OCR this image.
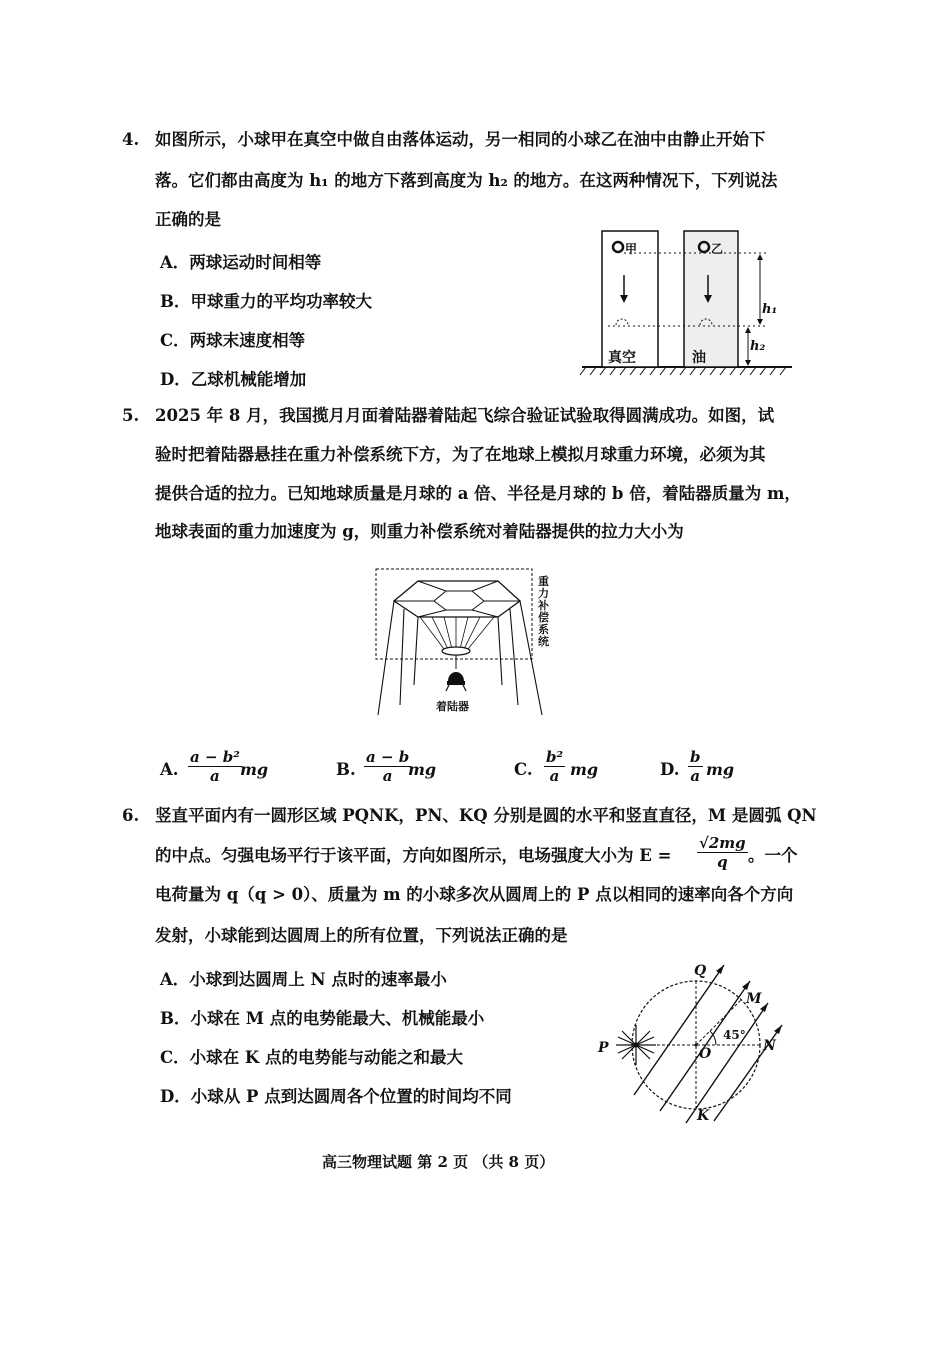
4. 如图所示，小球甲在真空中做自由落体运动，另一相同的小球乙在油中由静止开始下
落。它们都由高度为 h₁ 的地方下落到高度为 h₂ 的地方。在这两种情况下，下列说法
正确的是
A．两球运动时间相等
B．甲球重力的平均功率较大
C．两球末速度相等
D．乙球机械能增加
甲	乙
真空	油
h₁
h₂
5. 2025 年 8 月，我国揽月月面着陆器着陆起飞综合验证试验取得圆满成功。如图，试
验时把着陆器悬挂在重力补偿系统下方，为了在地球上模拟月球重力环境，必须为其
提供合适的拉力。已知地球质量是月球的 a 倍、半径是月球的 b 倍，着陆器质量为 m，
地球表面的重力加速度为 g，则重力补偿系统对着陆器提供的拉力大小为
重力补偿系统
着陆器
A. $\frac{\text{a − b²}}{a}$
mg	B. $\frac{a - b}{a}$
mg	C. $\frac{\text{b²}}{a}$ mg	D. $\frac{b}{a}$ mg
6. 竖直平面内有一圆形区域 PQNK，PN、KQ 分别是圆的水平和竖直直径，M 是圆弧 QN
的中点。匀强电场平行于该平面，方向如图所示，电场强度大小为 $E = \frac{√2mg}{q}$ 。一个
电荷量为 q（q > 0）、质量为 m 的小球多次从圆周上的 P 点以相同的速率向各个方向
发射，小球能到达圆周上的所有位置，下列说法正确的是
A．小球到达圆周上 N 点时的速率最小
B．小球在 M 点的电势能最大、机械能最小
C．小球在 K 点的电势能与动能之和最大
D．小球从 P 点到达圆周各个位置的时间均不同
Q
M
P	O	N
K
45°
高三物理试题 第 2 页 （共 8 页）
